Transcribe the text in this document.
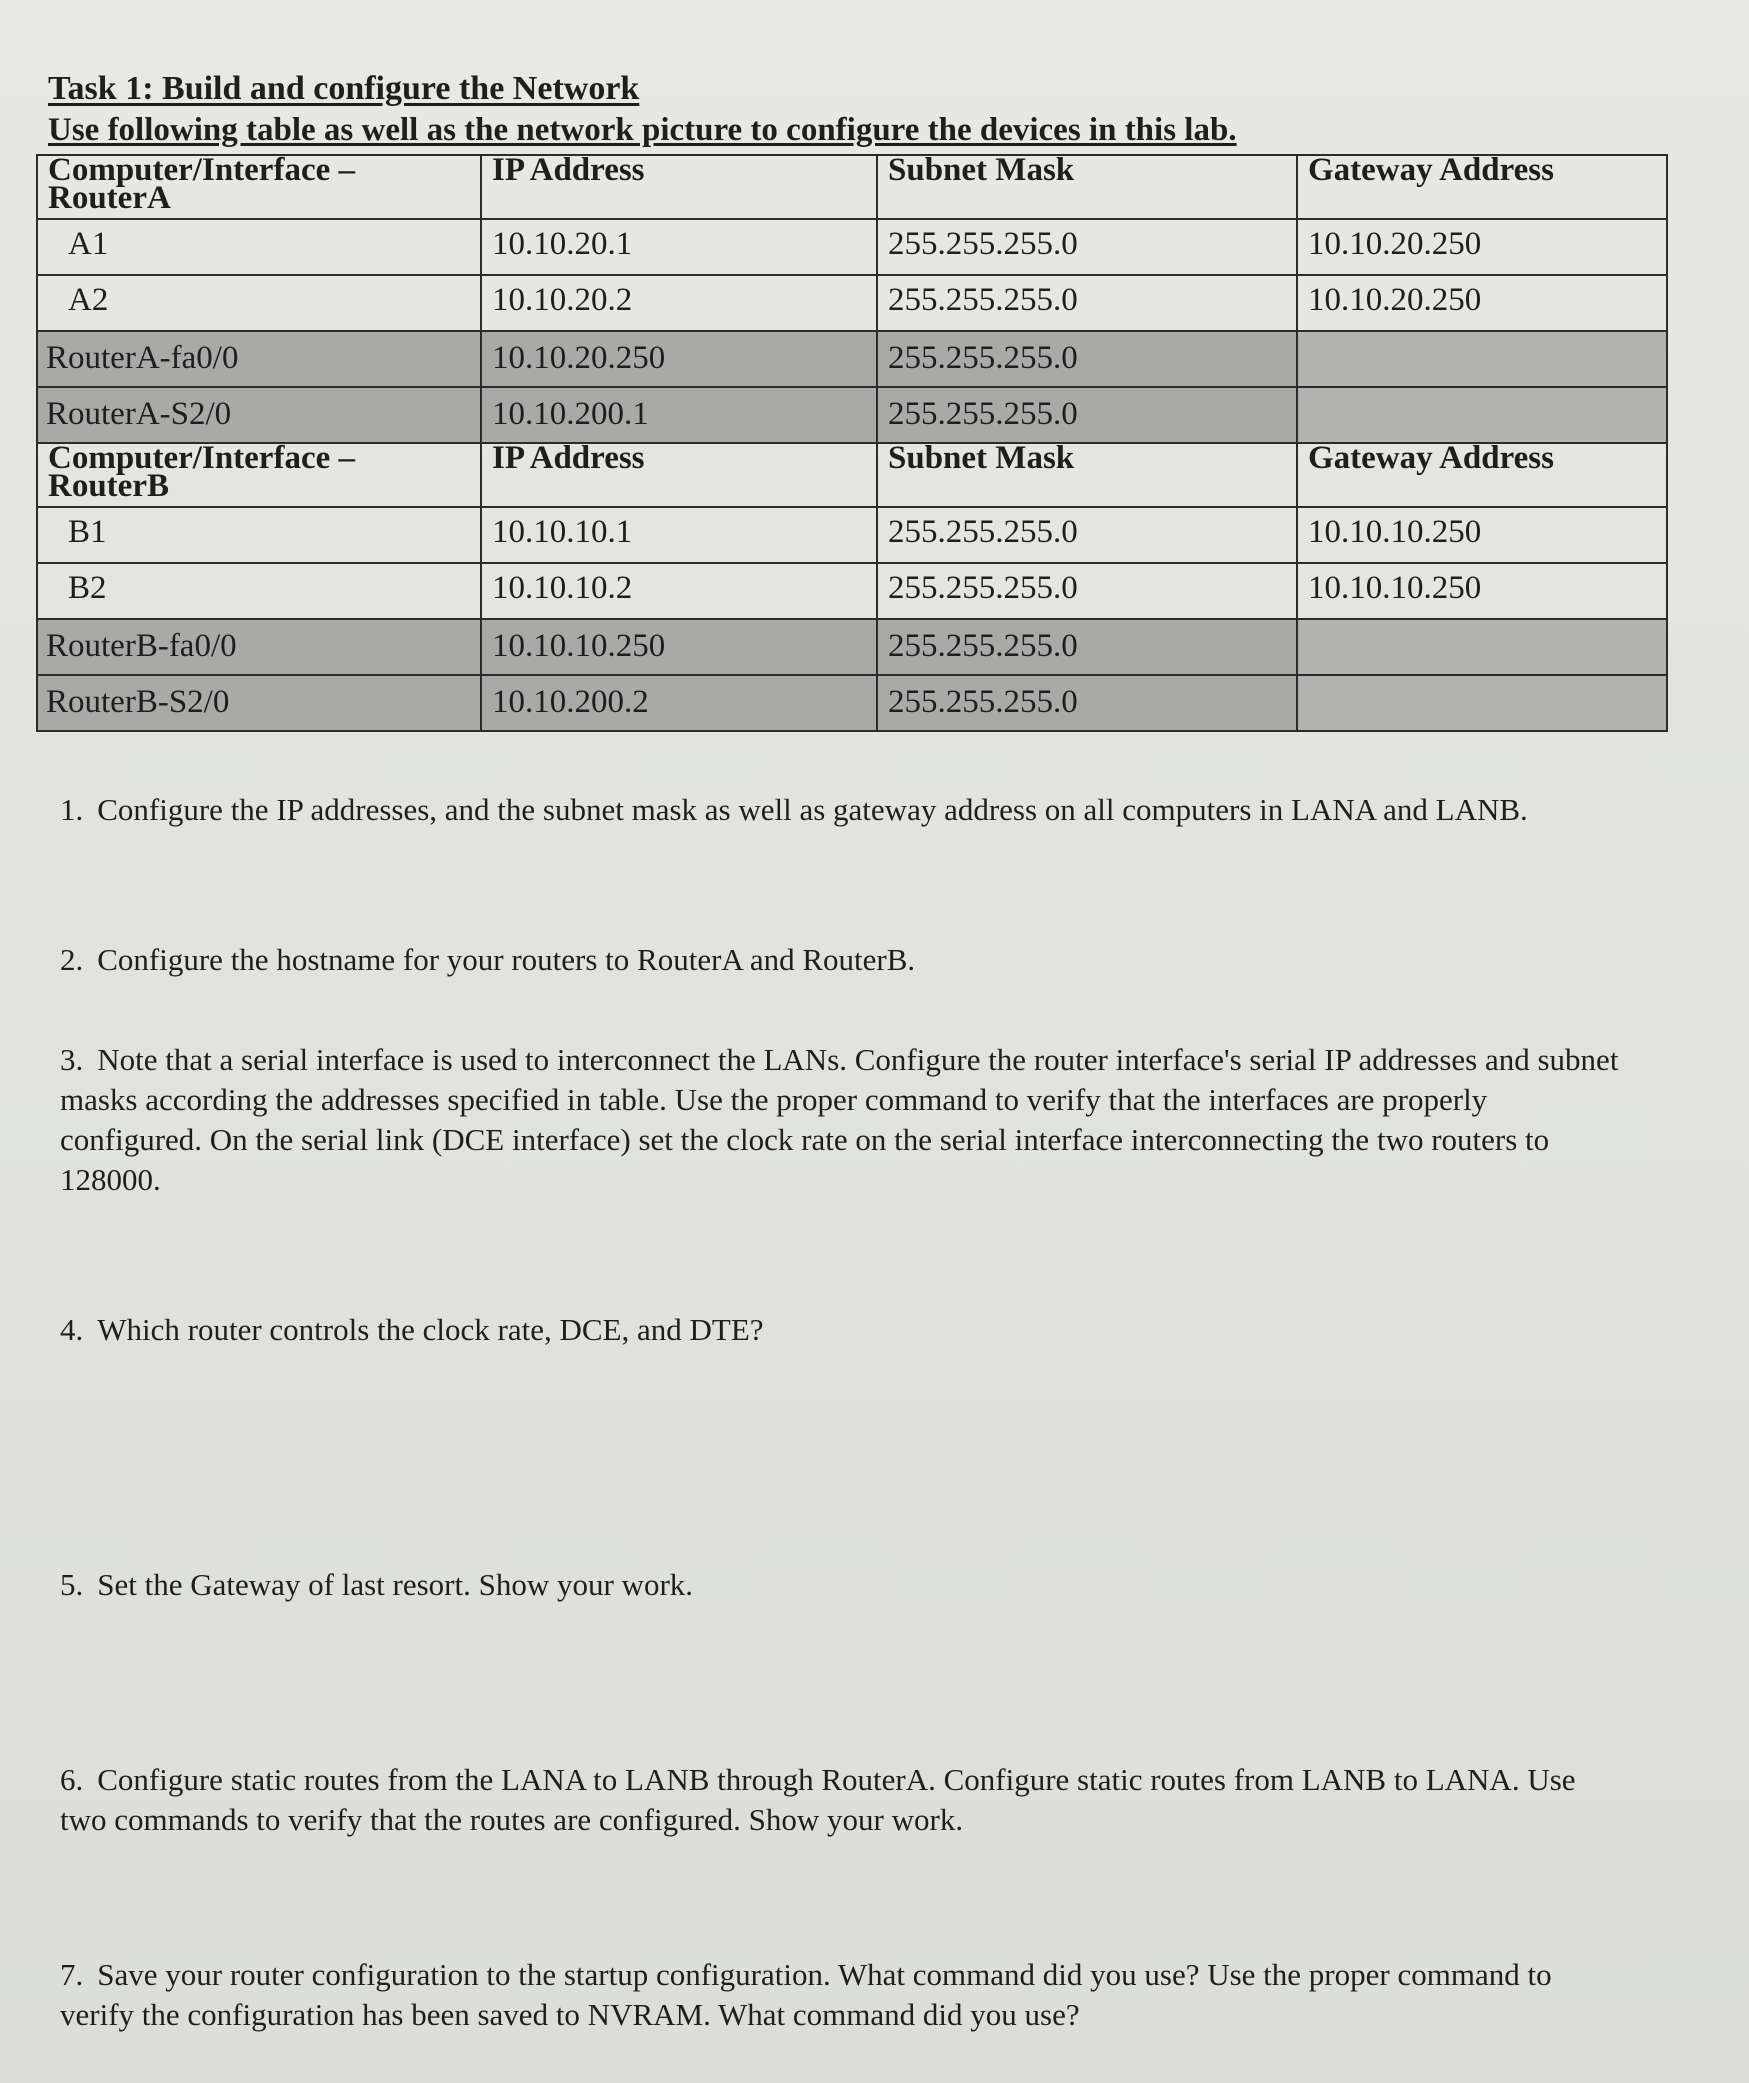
Task 1: Build and configure the Network
Use following table as well as the network picture to configure the devices in this lab.
Computer/Interface – RouterA	IP Address	Subnet Mask	Gateway Address
A1	10.10.20.1	255.255.255.0	10.10.20.250
A2	10.10.20.2	255.255.255.0	10.10.20.250
RouterA-fa0/0	10.10.20.250	255.255.255.0	
RouterA-S2/0	10.10.200.1	255.255.255.0	
Computer/Interface – RouterB	IP Address	Subnet Mask	Gateway Address
B1	10.10.10.1	255.255.255.0	10.10.10.250
B2	10.10.10.2	255.255.255.0	10.10.10.250
RouterB-fa0/0	10.10.10.250	255.255.255.0	
RouterB-S2/0	10.10.200.2	255.255.255.0	
1. Configure the IP addresses, and the subnet mask as well as gateway address on all computers in LANA and LANB.
2. Configure the hostname for your routers to RouterA and RouterB.
3. Note that a serial interface is used to interconnect the LANs. Configure the router interface's serial IP addresses and subnet masks according the addresses specified in table. Use the proper command to verify that the interfaces are properly configured. On the serial link (DCE interface) set the clock rate on the serial interface interconnecting the two routers to 128000.
4. Which router controls the clock rate, DCE, and DTE?
5. Set the Gateway of last resort. Show your work.
6. Configure static routes from the LANA to LANB through RouterA. Configure static routes from LANB to LANA. Use two commands to verify that the routes are configured. Show your work.
7. Save your router configuration to the startup configuration. What command did you use? Use the proper command to verify the configuration has been saved to NVRAM. What command did you use?
